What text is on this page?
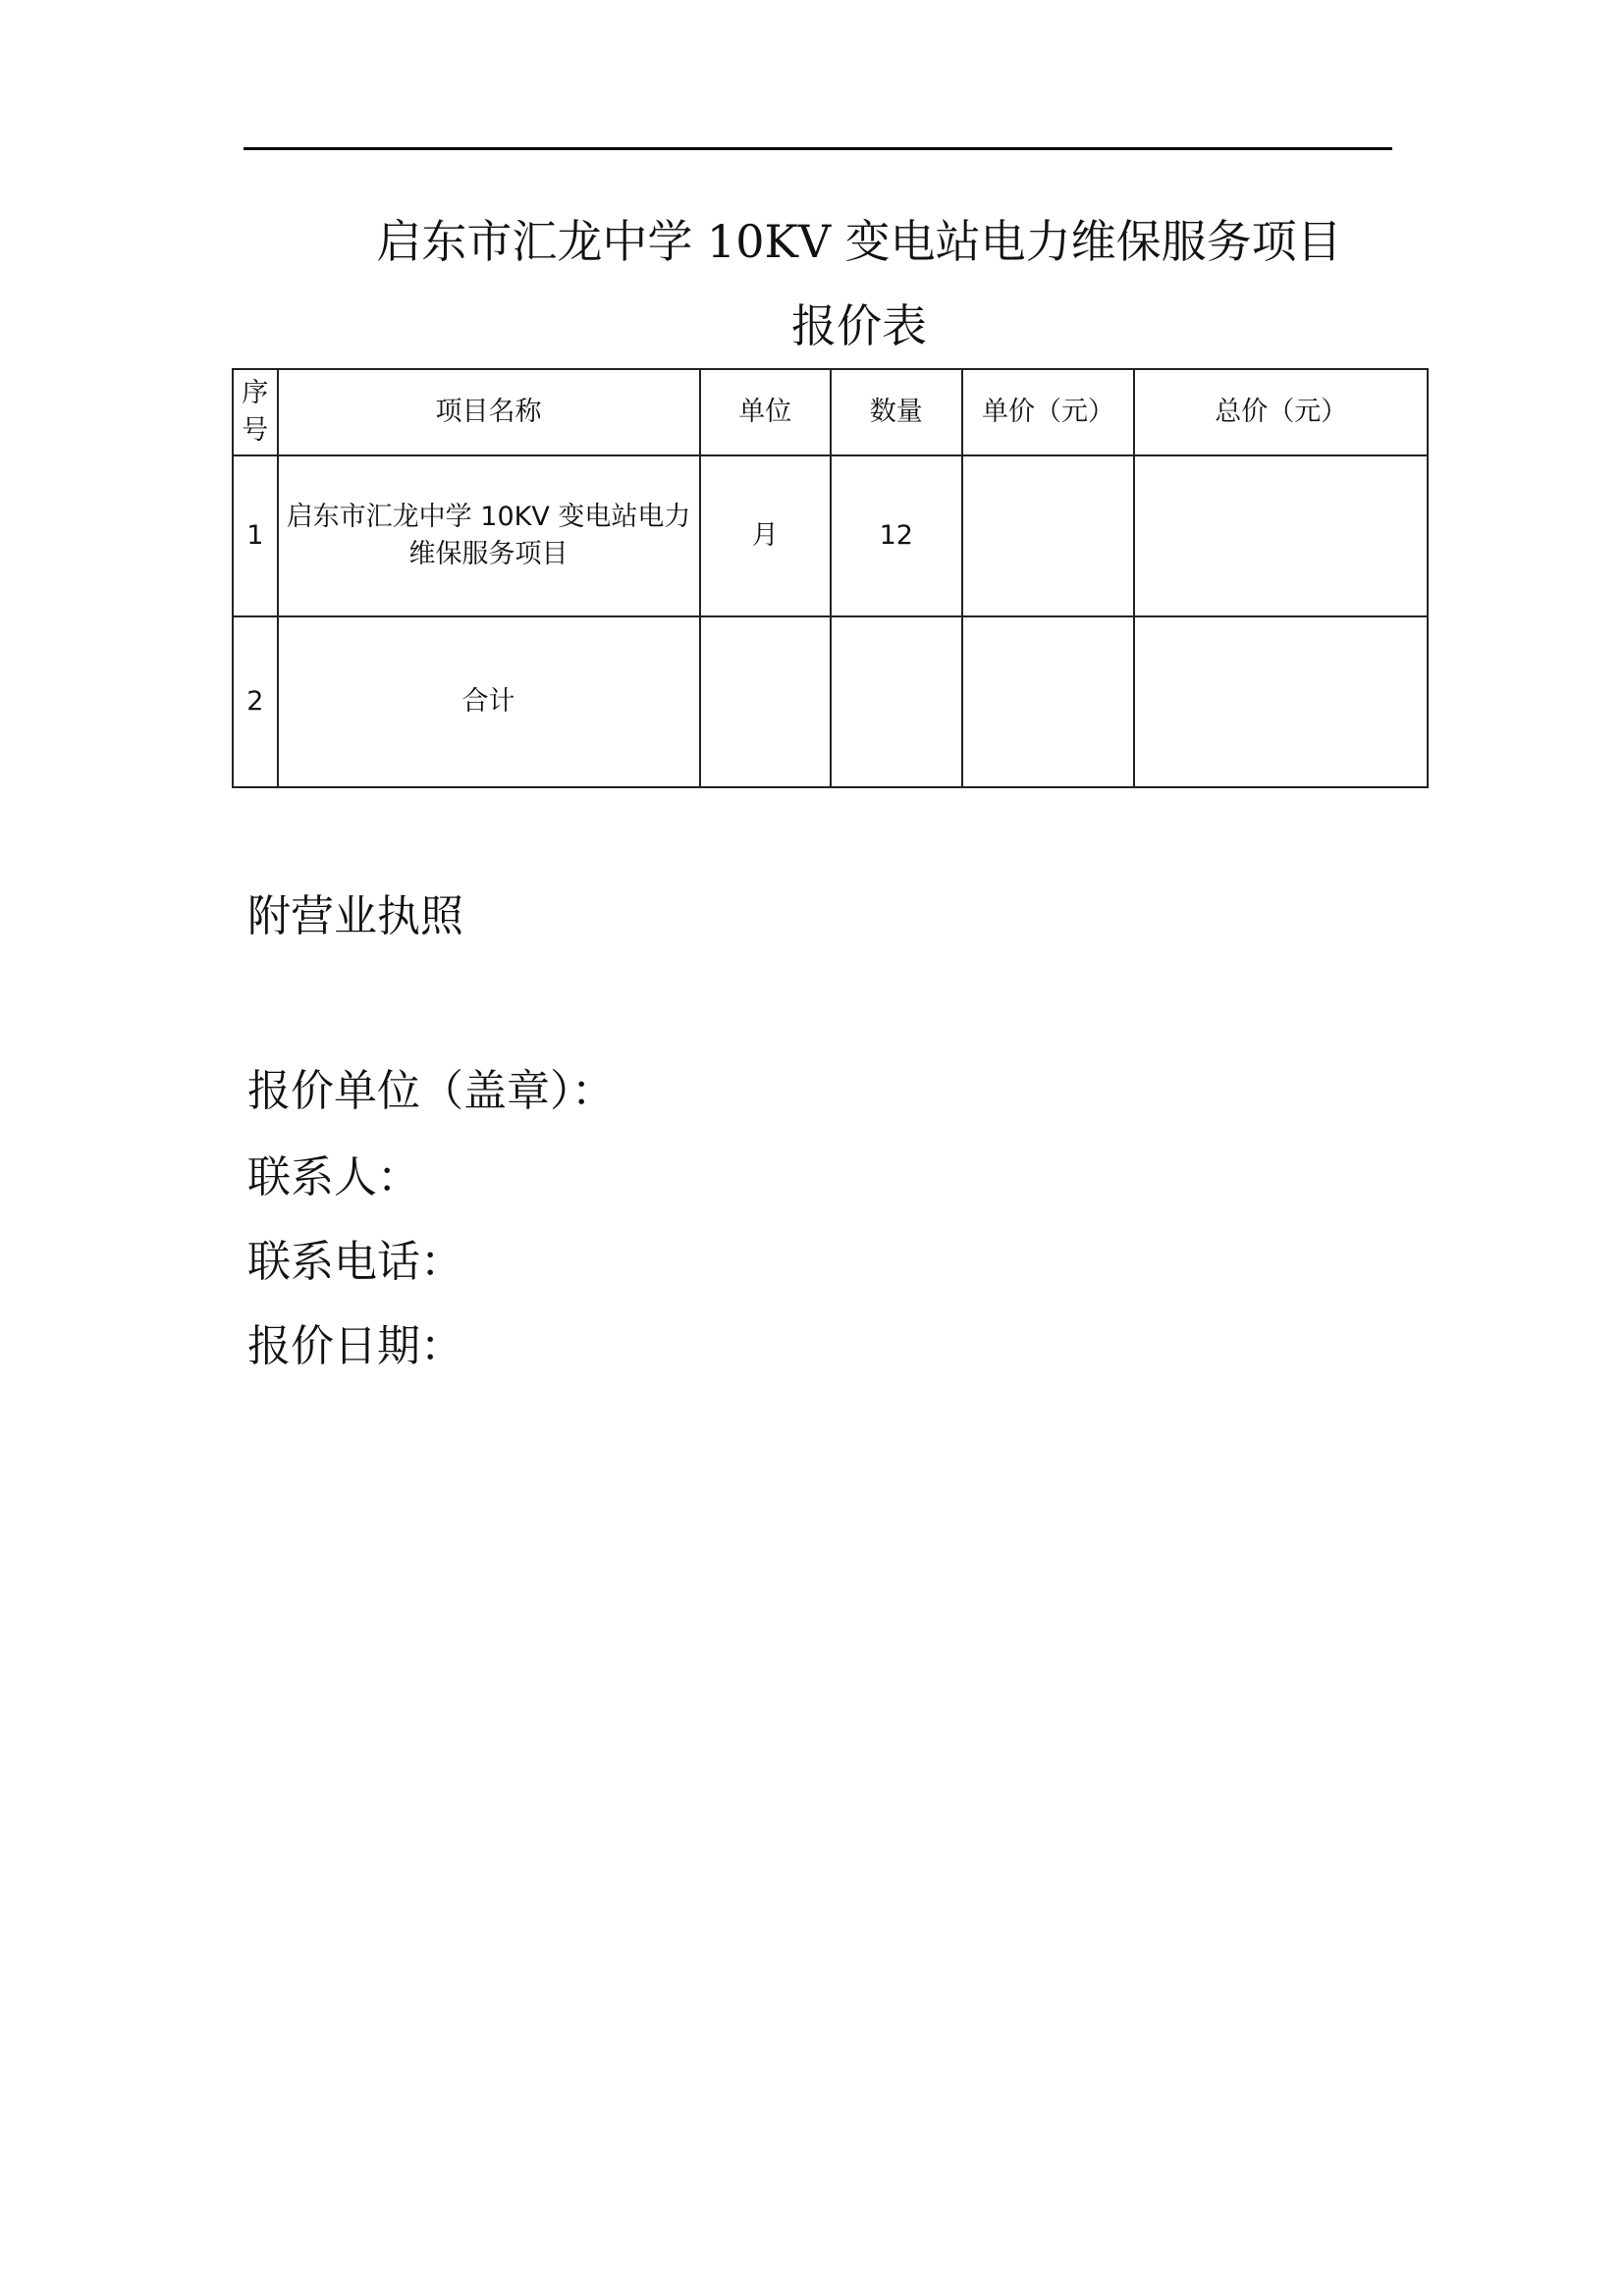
启东市汇龙中学 10KV 变电站电力维保服务项目
报价表
序号	项目名称	单位	数量	单价（元）	总价（元）
1	启东市汇龙中学 10KV 变电站电力维保服务项目	月	12		
2	合计				
附营业执照
报价单位（盖章）：
联系人：
联系电话：
报价日期：
